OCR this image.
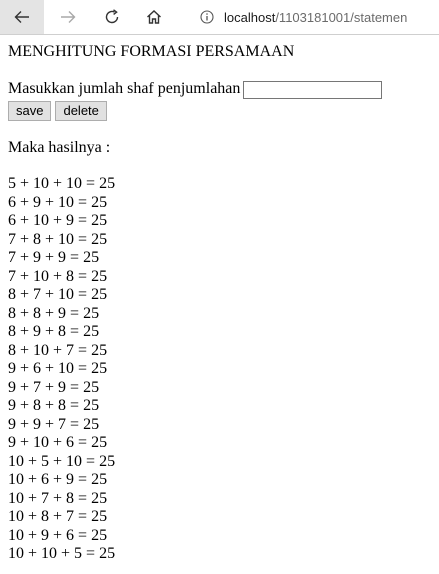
localhost /1103181001/statemen
MENGHITUNG FORMASI PERSAMAAN
Masukkan jumlah shaf penjumlahan
save	delete
Maka hasilnya :
5 + 10 + 10 = 25
6 + 9 + 10 = 25
6 + 10 + 9 = 25
7 + 8 + 10 = 25
7 + 9 + 9 = 25
7 + 10 + 8 = 25
8 + 7 + 10 = 25
8 + 8 + 9 = 25
8 + 9 + 8 = 25
8 + 10 + 7 = 25
9 + 6 + 10 = 25
9 + 7 + 9 = 25
9 + 8 + 8 = 25
9 + 9 + 7 = 25
9 + 10 + 6 = 25
10 + 5 + 10 = 25
10 + 6 + 9 = 25
10 + 7 + 8 = 25
10 + 8 + 7 = 25
10 + 9 + 6 = 25
10 + 10 + 5 = 25
